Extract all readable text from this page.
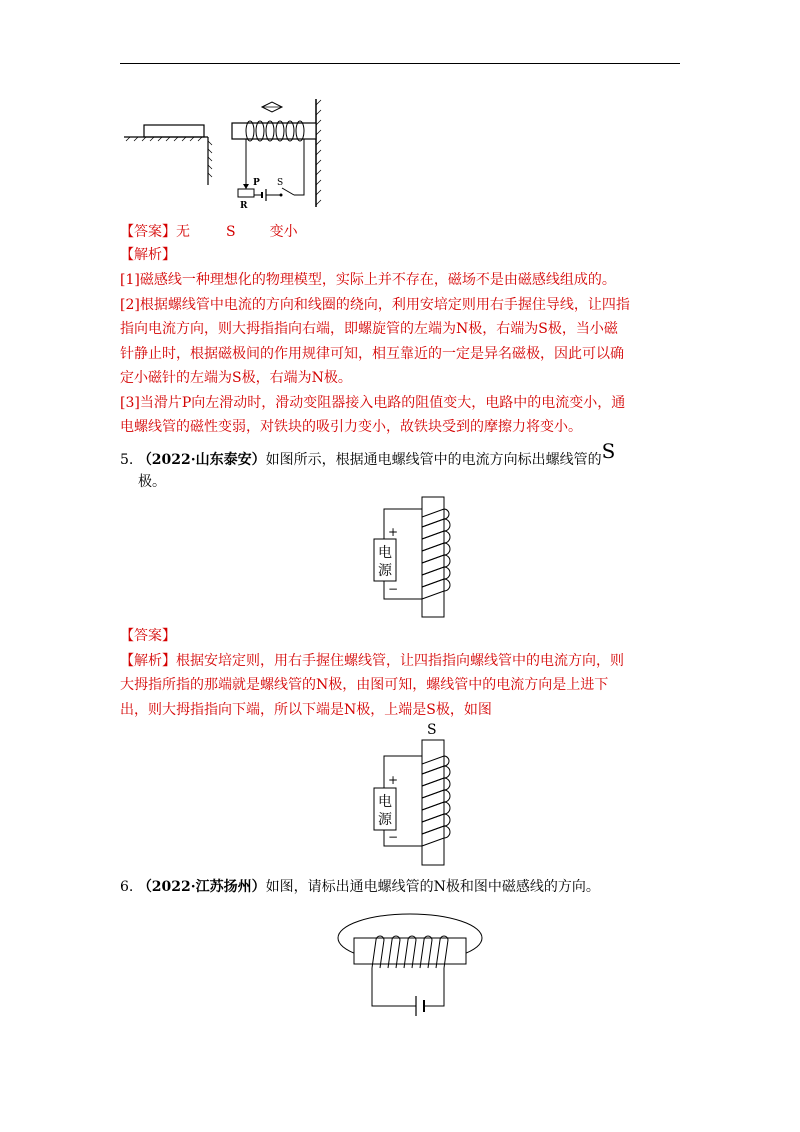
P S
R
【答案】无	S 变小
【解析】
[1]磁感线一种理想化的物理模型，实际上并不存在，磁场不是由磁感线组成的。
[2]根据螺线管中电流的方向和线圈的绕向，利用安培定则用右手握住导线，让四指
指向电流方向，则大拇指指向右端，即螺旋管的左端为N极，右端为S极，当小磁
针静止时，根据磁极间的作用规律可知，相互靠近的一定是异名磁极，因此可以确
定小磁针的左端为S极，右端为N极。
[3]当滑片P向左滑动时，滑动变阻器接入电路的阻值变大，电路中的电流变小，通
电螺线管的磁性变弱，对铁块的吸引力变小，故铁块受到的摩擦力将变小。
5. （2022·山东泰安）如图所示，根据通电螺线管中的电流方向标出螺线管的S
极。
电
源
+
−
【答案】
【解析】根据安培定则，用右手握住螺线管，让四指指向螺线管中的电流方向，则
大拇指所指的那端就是螺线管的N极，由图可知，螺线管中的电流方向是上进下
出，则大拇指指向下端，所以下端是N极，上端是S极，如图
S
电
源
+
−
6. （2022·江苏扬州）如图，请标出通电螺线管的N极和图中磁感线的方向。
